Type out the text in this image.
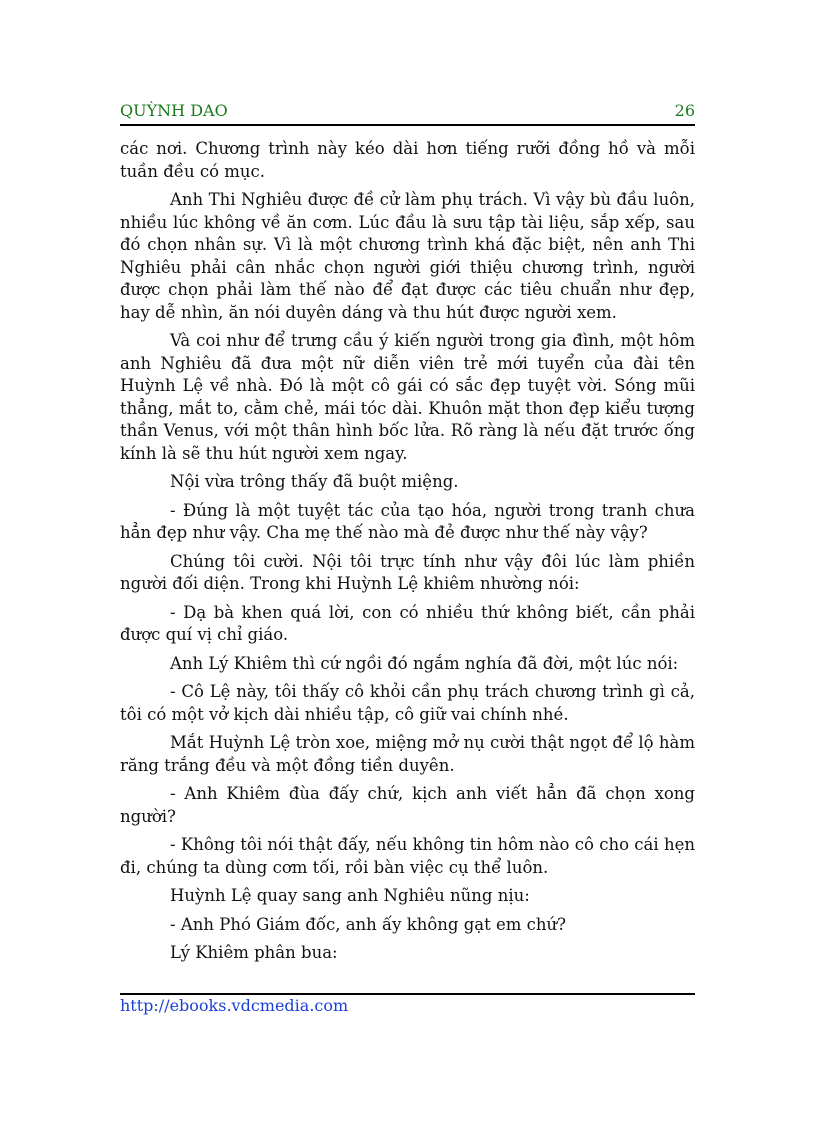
QUỲNH DAO	26

các nơi. Chương trình này kéo dài hơn tiếng rưỡi đồng hồ và mỗi tuần đều có mục.

Anh Thi Nghiêu được đề cử làm phụ trách. Vì vậy bù đầu luôn, nhiều lúc không về ăn cơm. Lúc đầu là sưu tập tài liệu, sắp xếp, sau đó chọn nhân sự. Vì là một chương trình khá đặc biệt, nên anh Thi Nghiêu phải cân nhắc chọn người giới thiệu chương trình, người được chọn phải làm thế nào để đạt được các tiêu chuẩn như đẹp, hay dễ nhìn, ăn nói duyên dáng và thu hút được người xem.

Và coi như để trưng cầu ý kiến người trong gia đình, một hôm anh Nghiêu đã đưa một nữ diễn viên trẻ mới tuyển của đài tên Huỳnh Lệ về nhà. Đó là một cô gái có sắc đẹp tuyệt vời. Sóng mũi thẳng, mắt to, cằm chẻ, mái tóc dài. Khuôn mặt thon đẹp kiểu tượng thần Venus, với một thân hình bốc lửa. Rõ ràng là nếu đặt trước ống kính là sẽ thu hút người xem ngay.

Nội vừa trông thấy đã buột miệng.

- Đúng là một tuyệt tác của tạo hóa, người trong tranh chưa hẳn đẹp như vậy. Cha mẹ thế nào mà đẻ được như thế này vậy?

Chúng tôi cười. Nội tôi trực tính như vậy đôi lúc làm phiền người đối diện. Trong khi Huỳnh Lệ khiêm nhường nói:

- Dạ bà khen quá lời, con có nhiều thứ không biết, cần phải được quí vị chỉ giáo.

Anh Lý Khiêm thì cứ ngồi đó ngắm nghía đã đời, một lúc nói:

- Cô Lệ này, tôi thấy cô khỏi cần phụ trách chương trình gì cả, tôi có một vở kịch dài nhiều tập, cô giữ vai chính nhé.

Mắt Huỳnh Lệ tròn xoe, miệng mở nụ cười thật ngọt để lộ hàm răng trắng đều và một đồng tiền duyên.

- Anh Khiêm đùa đấy chứ, kịch anh viết hẳn đã chọn xong người?

- Không tôi nói thật đấy, nếu không tin hôm nào cô cho cái hẹn đi, chúng ta dùng cơm tối, rồi bàn việc cụ thể luôn.

Huỳnh Lệ quay sang anh Nghiêu nũng nịu:

- Anh Phó Giám đốc, anh ấy không gạt em chứ?

Lý Khiêm phân bua:

http://ebooks.vdcmedia.com
